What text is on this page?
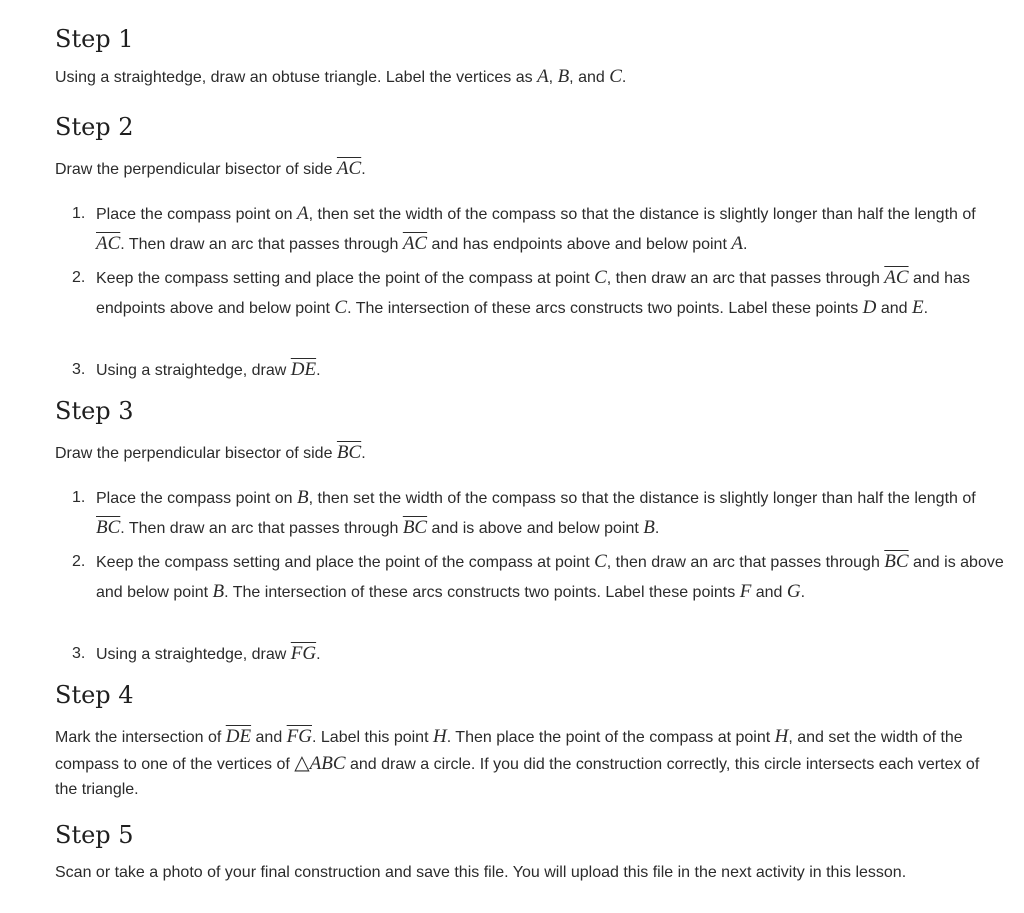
Step 1

Using a straightedge, draw an obtuse triangle. Label the vertices as A, B, and C.

Step 2

Draw the perpendicular bisector of side $\overline{AC}$.

1. Place the compass point on A, then set the width of the compass so that the distance is slightly longer than half the length of $\overline{AC}$. Then draw an arc that passes through $\overline{AC}$ and has endpoints above and below point A.
2. Keep the compass setting and place the point of the compass at point C, then draw an arc that passes through $\overline{AC}$ and has endpoints above and below point C. The intersection of these arcs constructs two points. Label these points D and E.
3. Using a straightedge, draw $\overline{DE}$.
Step 3

Draw the perpendicular bisector of side $\overline{BC}$.

1. Place the compass point on B, then set the width of the compass so that the distance is slightly longer than half the length of $\overline{BC}$. Then draw an arc that passes through $\overline{BC}$ and is above and below point B.
2. Keep the compass setting and place the point of the compass at point C, then draw an arc that passes through $\overline{BC}$ and is above and below point B. The intersection of these arcs constructs two points. Label these points F and G.
3. Using a straightedge, draw $\overline{FG}$.
Step 4

Mark the intersection of $\overline{DE}$ and $\overline{FG}$. Label this point H. Then place the point of the compass at point H, and set the width of the compass to one of the vertices of △ABC and draw a circle. If you did the construction correctly, this circle intersects each vertex of the triangle.

Step 5

Scan or take a photo of your final construction and save this file. You will upload this file in the next activity in this lesson.
